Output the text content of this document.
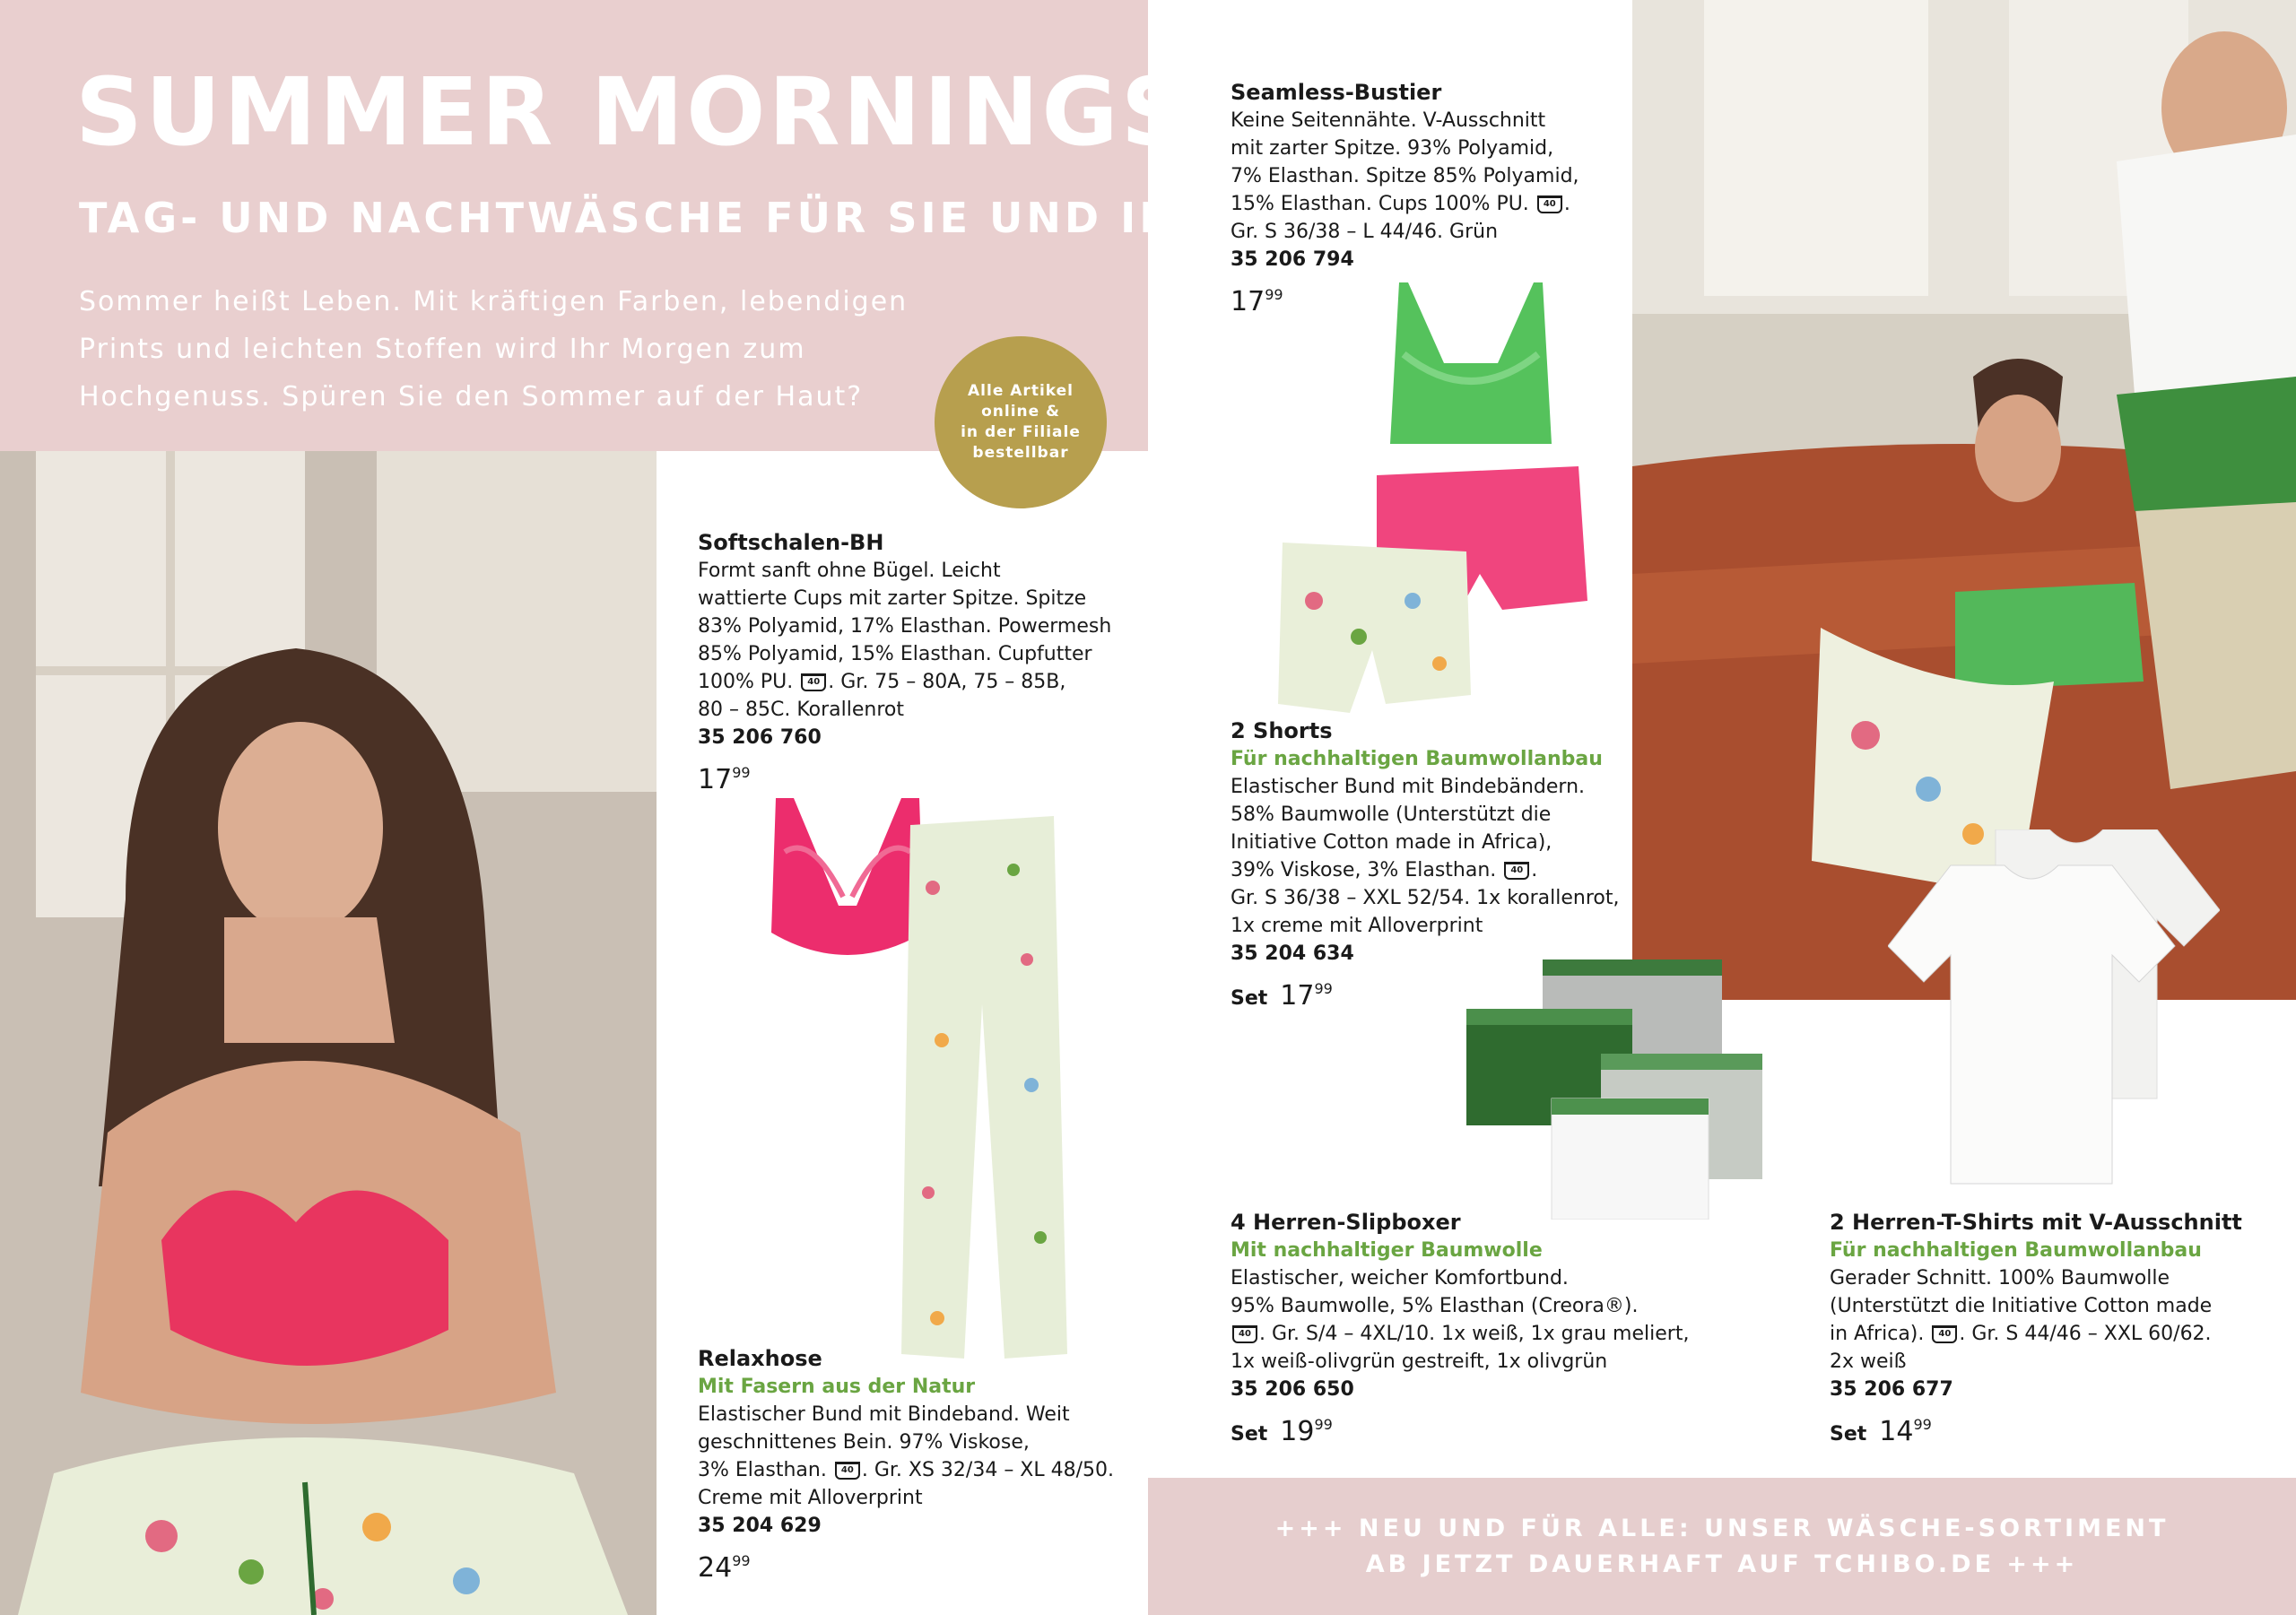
SUMMER MORNINGS
TAG- UND NACHTWÄSCHE FÜR SIE UND IHN
Sommer heißt Leben. Mit kräftigen Farben, lebendigen Prints und leichten Stoffen wird Ihr Morgen zum Hochgenuss. Spüren Sie den Sommer auf der Haut?	Alle Artikel
online &
in der Filiale
bestellbar
Softschalen-BH
Formt sanft ohne Bügel. Leicht
wattierte Cups mit zarter Spitze. Spitze
83% Polyamid, 17% Elasthan. Powermesh
85% Polyamid, 15% Elasthan. Cupfutter
100% PU. 40 . Gr. 75 – 80A, 75 – 85B,
80 – 85C. Korallenrot
35 206 760
$17^{99}$
Relaxhose
Mit Fasern aus der Natur
Elastischer Bund mit Bindeband. Weit
geschnittenes Bein. 97% Viskose,
3% Elasthan. 40 . Gr. XS 32/34 – XL 48/50.
Creme mit Alloverprint
35 204 629
$24^{99}$
Seamless-Bustier
Keine Seitennähte. V-Ausschnitt
mit zarter Spitze. 93% Polyamid,
7% Elasthan. Spitze 85% Polyamid,
15% Elasthan. Cups 100% PU. 40 .
Gr. S 36/38 – L 44/46. Grün
35 206 794
$17^{99}$
2 Shorts
Für nachhaltigen Baumwollanbau
Elastischer Bund mit Bindebändern.
58% Baumwolle (Unterstützt die
Initiative Cotton made in Africa),
39% Viskose, 3% Elasthan. 40 .
Gr. S 36/38 – XXL 52/54. 1x korallenrot,
1x creme mit Alloverprint
35 204 634
Set $17^{99}$
4 Herren-Slipboxer
Mit nachhaltiger Baumwolle
Elastischer, weicher Komfortbund.
95% Baumwolle, 5% Elasthan (Creora®).
40 . Gr. S/4 – 4XL/10. 1x weiß, 1x grau meliert,
1x weiß-olivgrün gestreift, 1x olivgrün
35 206 650
Set $19^{99}$
2 Herren-T-Shirts mit V-Ausschnitt
Für nachhaltigen Baumwollanbau
Gerader Schnitt. 100% Baumwolle
(Unterstützt die Initiative Cotton made
in Africa). 40 . Gr. S 44/46 – XXL 60/62.
2x weiß
35 206 677
Set $14^{99}$
+++ NEU UND FÜR ALLE: UNSER WÄSCHE-SORTIMENT
AB JETZT DAUERHAFT AUF TCHIBO.DE +++
